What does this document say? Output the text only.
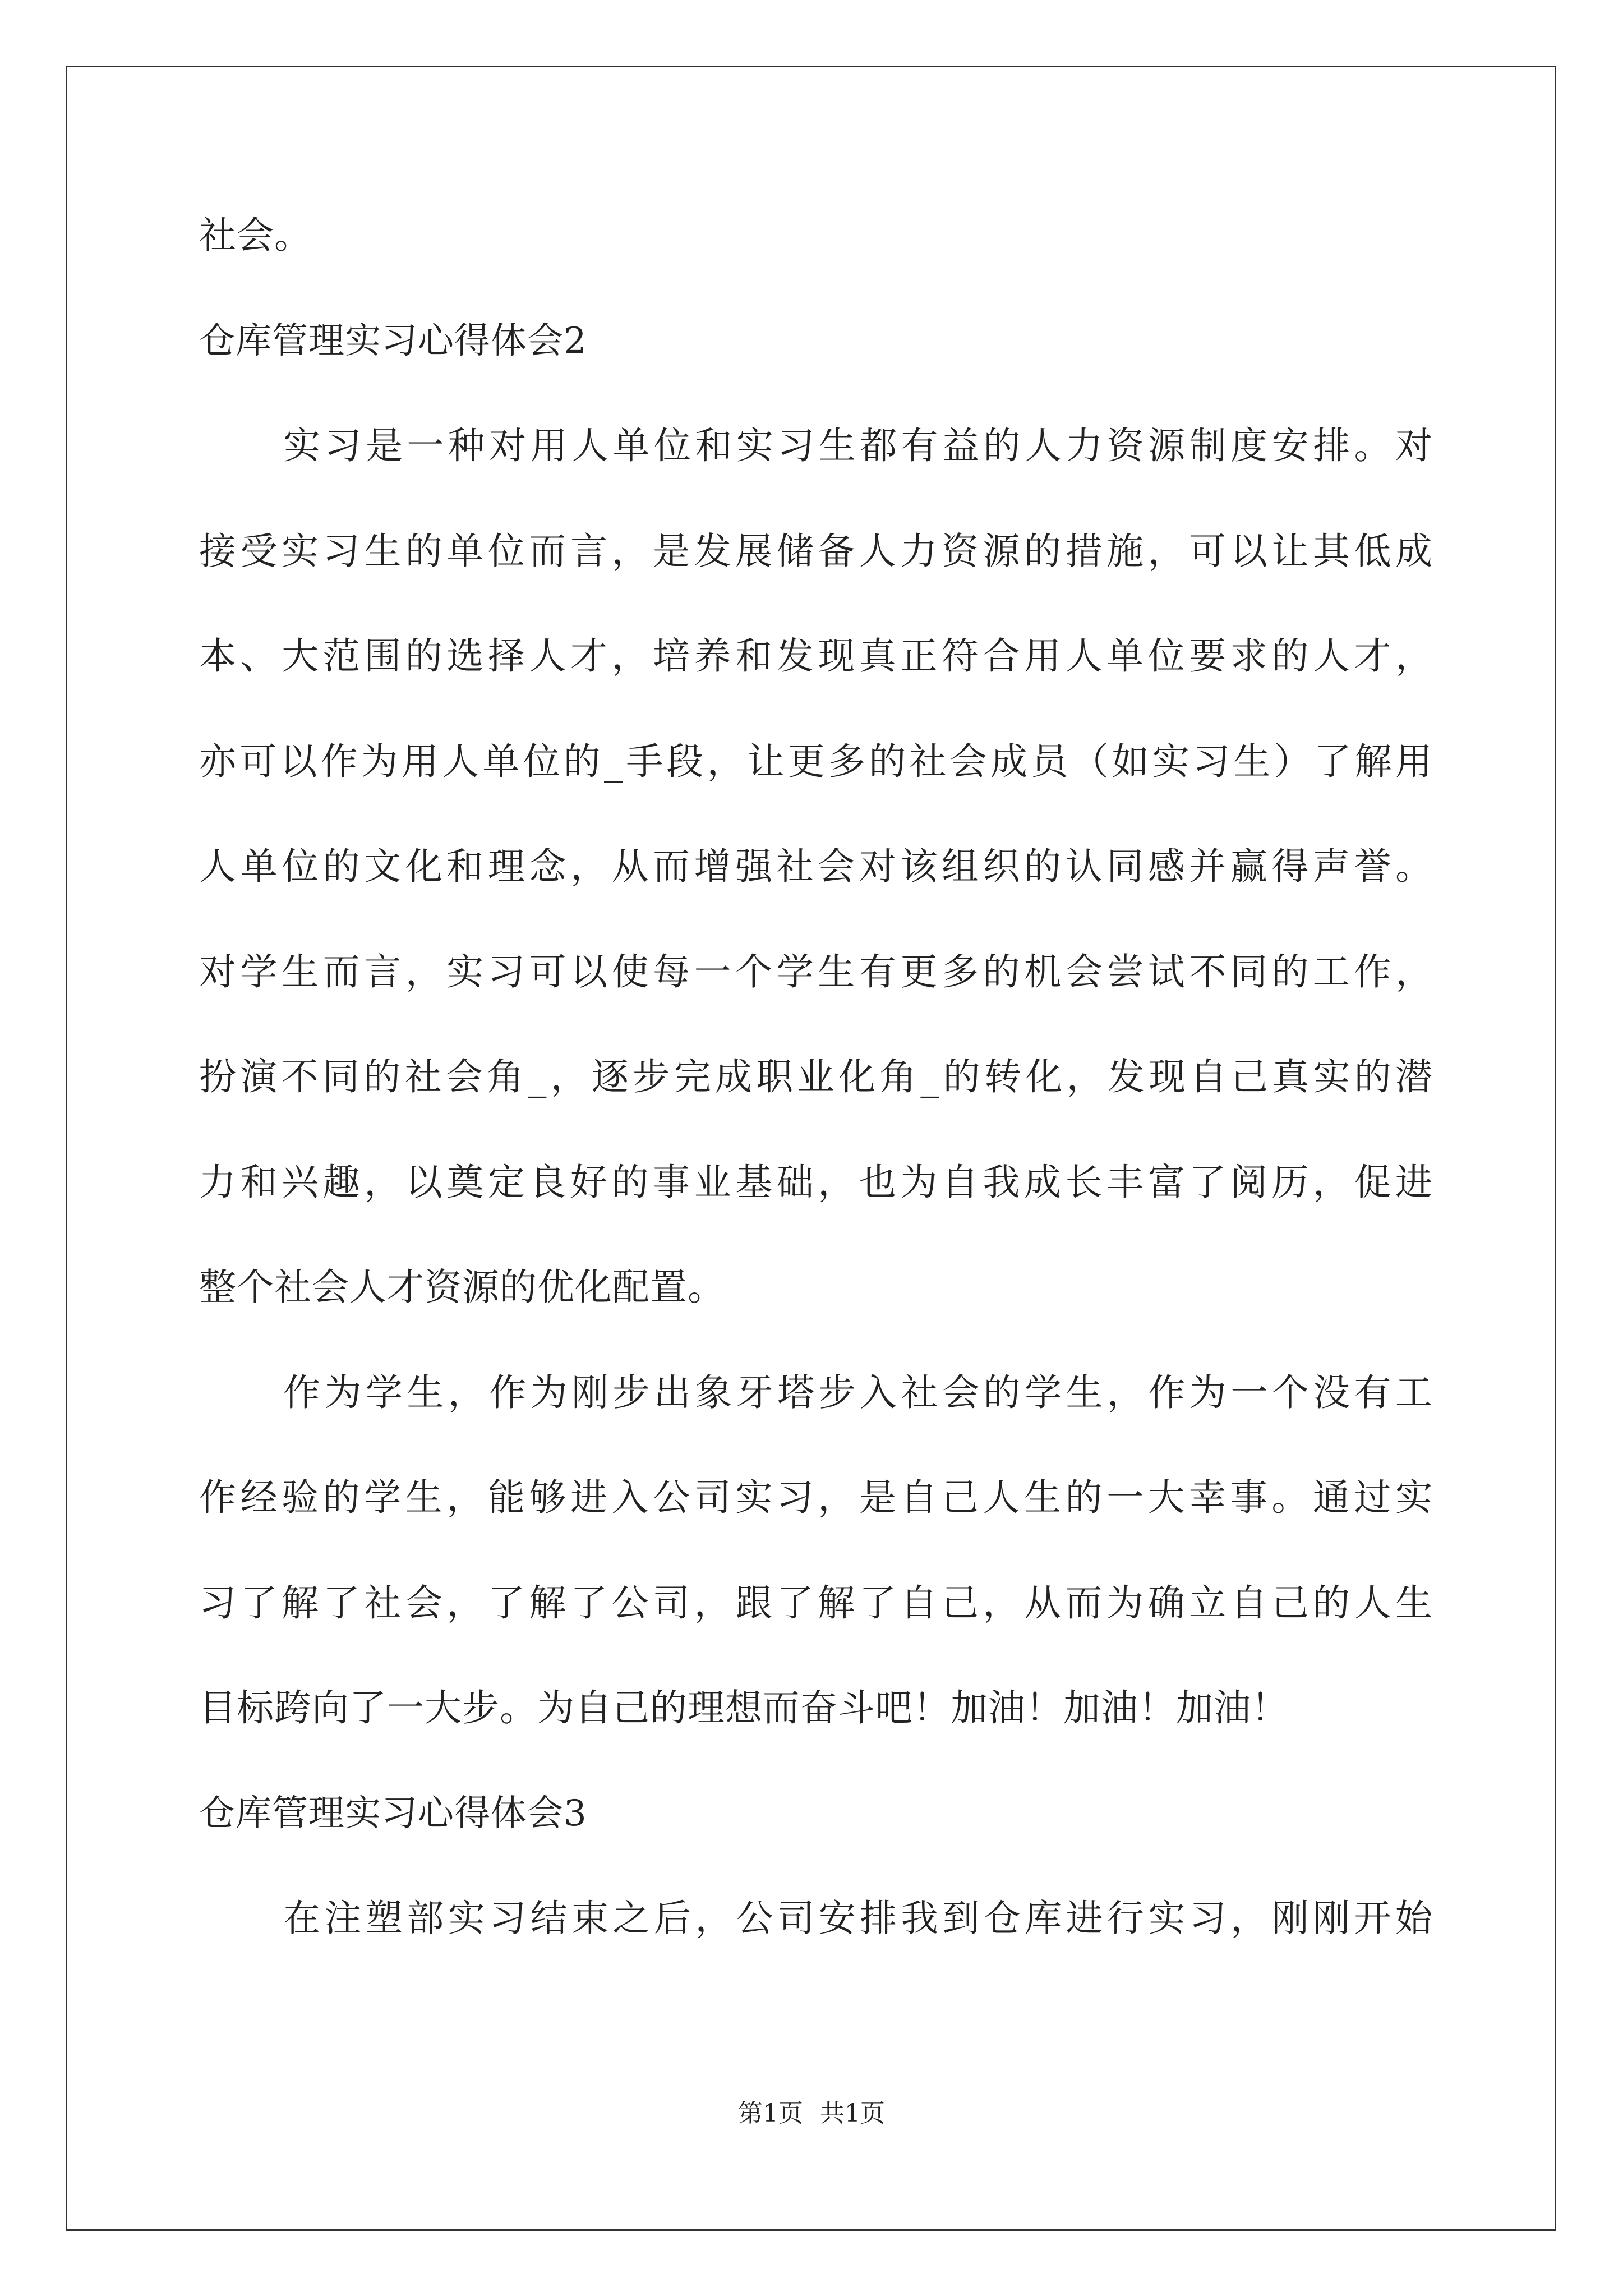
社会。
仓库管理实习心得体会2
实习是一种对用人单位和实习生都有益的人力资源制度安排。对
接受实习生的单位而言，是发展储备人力资源的措施，可以让其低成
本、大范围的选择人才，培养和发现真正符合用人单位要求的人才，
亦可以作为用人单位的_手段，让更多的社会成员（如实习生）了解用
人单位的文化和理念，从而增强社会对该组织的认同感并赢得声誉。
对学生而言，实习可以使每一个学生有更多的机会尝试不同的工作，
扮演不同的社会角_，逐步完成职业化角_的转化，发现自己真实的潜
力和兴趣，以奠定良好的事业基础，也为自我成长丰富了阅历，促进
整个社会人才资源的优化配置。
作为学生，作为刚步出象牙塔步入社会的学生，作为一个没有工
作经验的学生，能够进入公司实习，是自己人生的一大幸事。通过实
习了解了社会，了解了公司，跟了解了自己，从而为确立自己的人生
目标跨向了一大步。为自己的理想而奋斗吧！加油！加油！加油！
仓库管理实习心得体会3
在注塑部实习结束之后，公司安排我到仓库进行实习，刚刚开始
第1页 共1页
